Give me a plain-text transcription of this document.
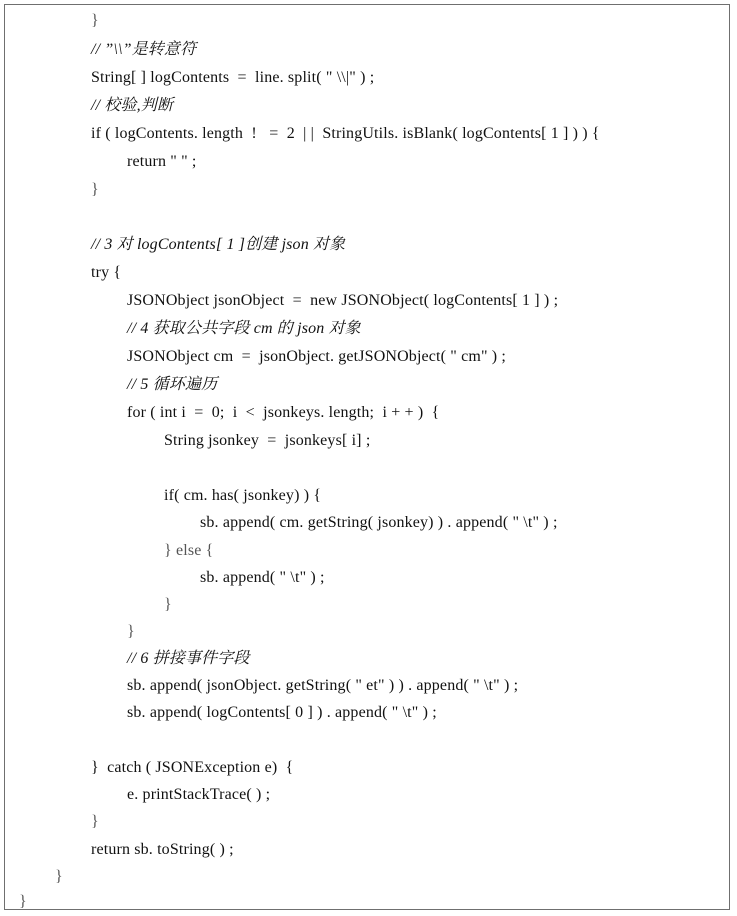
}
// ”\\”是转意符
String[ ] logContents  =  line. split( " \\|" ) ;
// 校验,判断
if ( logContents. length  !   =  2  | |  StringUtils. isBlank( logContents[ 1 ] ) ) {
return " " ;
}
// 3 对 logContents[ 1 ]创建 json 对象
try {
JSONObject jsonObject  =  new JSONObject( logContents[ 1 ] ) ;
// 4 获取公共字段 cm 的 json 对象
JSONObject cm  =  jsonObject. getJSONObject( " cm" ) ;
// 5 循环遍历
for ( int i  =  0;  i  <  jsonkeys. length;  i + + )  {
String jsonkey  =  jsonkeys[ i] ;
if( cm. has( jsonkey) ) {
sb. append( cm. getString( jsonkey) ) . append( " \t" ) ;
} else {
sb. append( " \t" ) ;
}
}
// 6 拼接事件字段
sb. append( jsonObject. getString( " et" ) ) . append( " \t" ) ;
sb. append( logContents[ 0 ] ) . append( " \t" ) ;
}  catch ( JSONException e)  {
e. printStackTrace( ) ;
}
return sb. toString( ) ;
}
}
